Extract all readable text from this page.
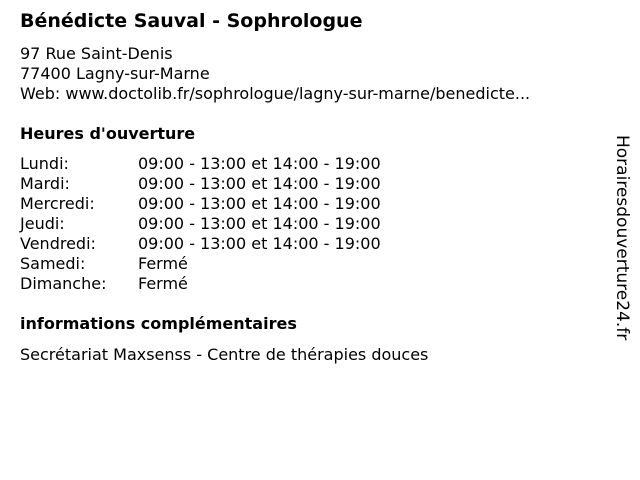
Bénédicte Sauval - Sophrologue
97 Rue Saint-Denis
77400 Lagny-sur-Marne
Web: www.doctolib.fr/sophrologue/lagny-sur-marne/benedicte...
Heures d'ouverture
Lundi:	09:00 - 13:00 et 14:00 - 19:00
Mardi:	09:00 - 13:00 et 14:00 - 19:00
Mercredi:	09:00 - 13:00 et 14:00 - 19:00
Jeudi:	09:00 - 13:00 et 14:00 - 19:00
Vendredi:	09:00 - 13:00 et 14:00 - 19:00
Samedi:	Fermé
Dimanche: Fermé
informations complémentaires
Secrétariat Maxsenss - Centre de thérapies douces
Horairesdouverture24.fr
